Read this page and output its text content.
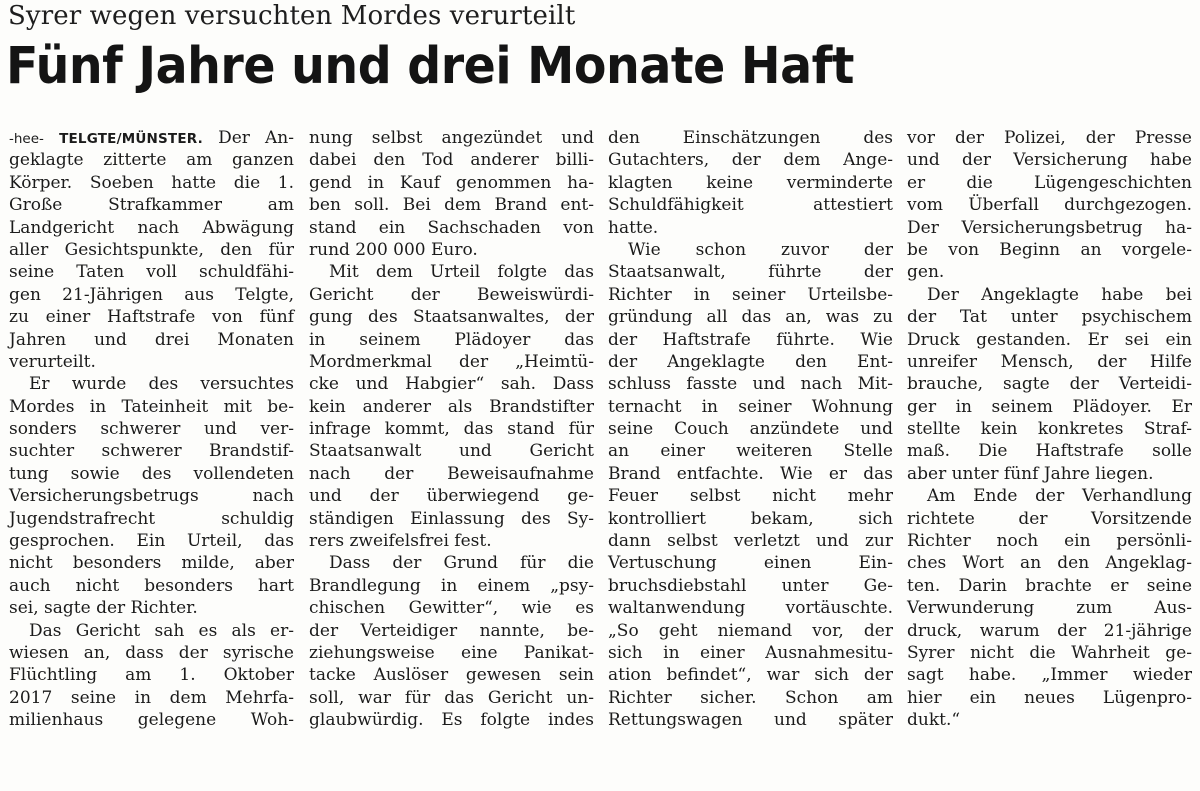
Syrer wegen versuchten Mordes verurteilt
Fünf Jahre und drei Monate Haft
-hee- TELGTE/MÜNSTER. Der An-
geklagte zitterte am ganzen
Körper. Soeben hatte die 1.
Große Strafkammer am
Landgericht nach Abwägung
aller Gesichtspunkte, den für
seine Taten voll schuldfähi-
gen 21-Jährigen aus Telgte,
zu einer Haftstrafe von fünf
Jahren und drei Monaten
verurteilt.
Er wurde des versuchtes
Mordes in Tateinheit mit be-
sonders schwerer und ver-
suchter schwerer Brandstif-
tung sowie des vollendeten
Versicherungsbetrugs nach
Jugendstrafrecht schuldig
gesprochen. Ein Urteil, das
nicht besonders milde, aber
auch nicht besonders hart
sei, sagte der Richter.
Das Gericht sah es als er-
wiesen an, dass der syrische
Flüchtling am 1. Oktober
2017 seine in dem Mehrfa-
milienhaus gelegene Woh-
nung selbst angezündet und
dabei den Tod anderer billi-
gend in Kauf genommen ha-
ben soll. Bei dem Brand ent-
stand ein Sachschaden von
rund 200 000 Euro.
Mit dem Urteil folgte das
Gericht der Beweiswürdi-
gung des Staatsanwaltes, der
in seinem Plädoyer das
Mordmerkmal der „Heimtü-
cke und Habgier“ sah. Dass
kein anderer als Brandstifter
infrage kommt, das stand für
Staatsanwalt und Gericht
nach der Beweisaufnahme
und der überwiegend ge-
ständigen Einlassung des Sy-
rers zweifelsfrei fest.
Dass der Grund für die
Brandlegung in einem „psy-
chischen Gewitter“, wie es
der Verteidiger nannte, be-
ziehungsweise eine Panikat-
tacke Auslöser gewesen sein
soll, war für das Gericht un-
glaubwürdig. Es folgte indes
den Einschätzungen des
Gutachters, der dem Ange-
klagten keine verminderte
Schuldfähigkeit attestiert
hatte.
Wie schon zuvor der
Staatsanwalt, führte der
Richter in seiner Urteilsbe-
gründung all das an, was zu
der Haftstrafe führte. Wie
der Angeklagte den Ent-
schluss fasste und nach Mit-
ternacht in seiner Wohnung
seine Couch anzündete und
an einer weiteren Stelle
Brand entfachte. Wie er das
Feuer selbst nicht mehr
kontrolliert bekam, sich
dann selbst verletzt und zur
Vertuschung einen Ein-
bruchsdiebstahl unter Ge-
waltanwendung vortäuschte.
„So geht niemand vor, der
sich in einer Ausnahmesitu-
ation befindet“, war sich der
Richter sicher. Schon am
Rettungswagen und später
vor der Polizei, der Presse
und der Versicherung habe
er die Lügengeschichten
vom Überfall durchgezogen.
Der Versicherungsbetrug ha-
be von Beginn an vorgele-
gen.
Der Angeklagte habe bei
der Tat unter psychischem
Druck gestanden. Er sei ein
unreifer Mensch, der Hilfe
brauche, sagte der Verteidi-
ger in seinem Plädoyer. Er
stellte kein konkretes Straf-
maß. Die Haftstrafe solle
aber unter fünf Jahre liegen.
Am Ende der Verhandlung
richtete der Vorsitzende
Richter noch ein persönli-
ches Wort an den Angeklag-
ten. Darin brachte er seine
Verwunderung zum Aus-
druck, warum der 21-jährige
Syrer nicht die Wahrheit ge-
sagt habe. „Immer wieder
hier ein neues Lügenpro-
dukt.“
